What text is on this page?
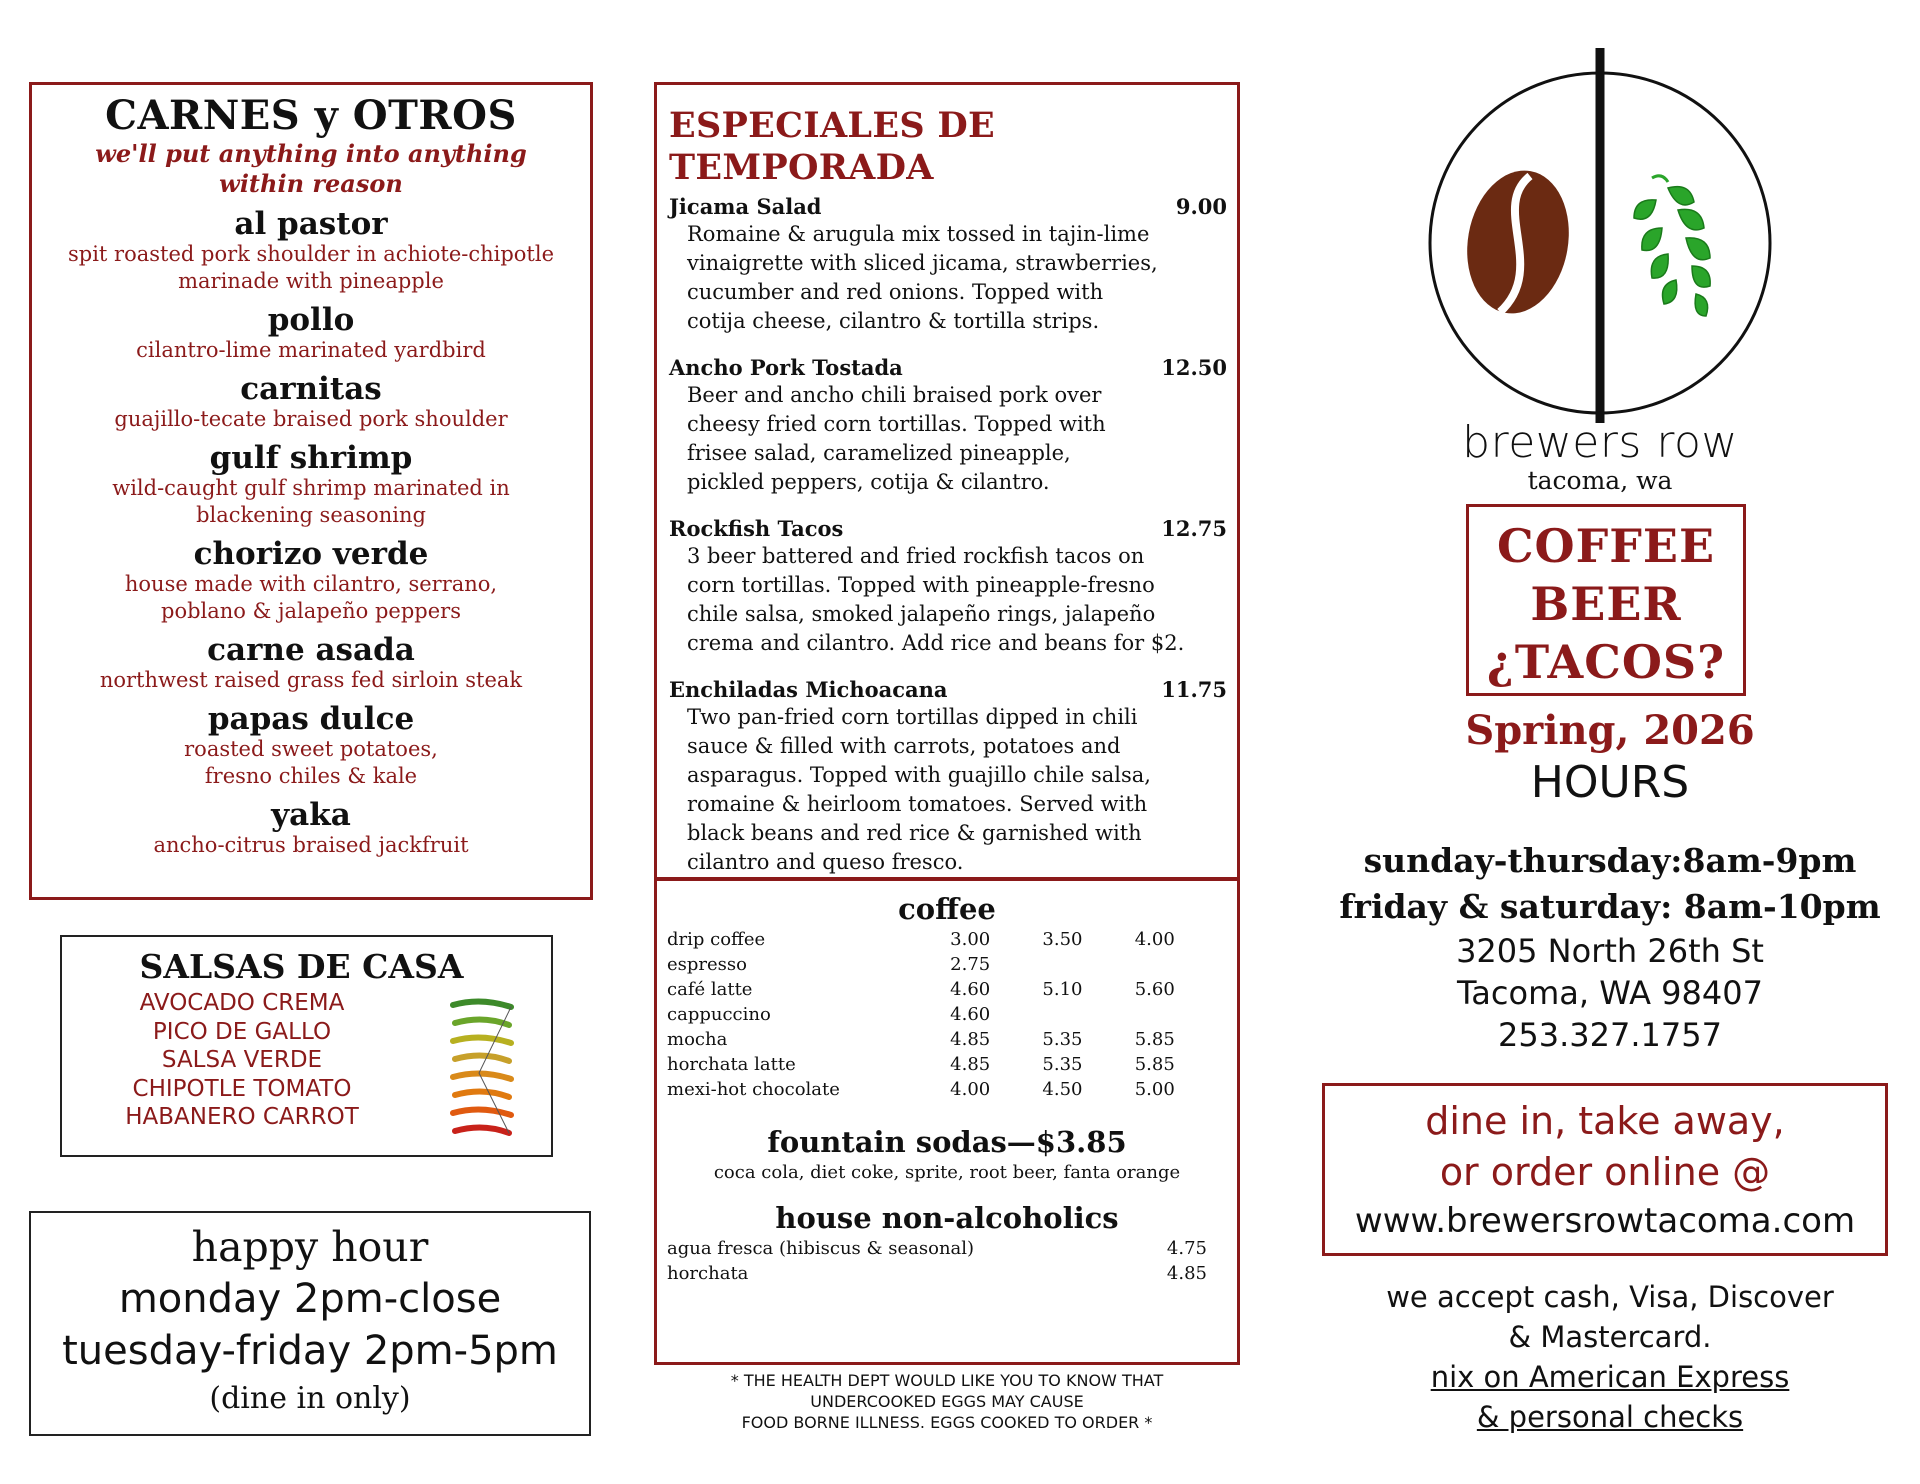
CARNES y OTROS
we'll put anything into anything
within reason
al pastor
spit roasted pork shoulder in achiote-chipotle
marinade with pineapple
pollo
cilantro-lime marinated yardbird
carnitas
guajillo-tecate braised pork shoulder
gulf shrimp
wild-caught gulf shrimp marinated in
blackening seasoning
chorizo verde
house made with cilantro, serrano,
poblano & jalapeño peppers
carne asada
northwest raised grass fed sirloin steak
papas dulce
roasted sweet potatoes,
fresno chiles & kale
yaka
ancho-citrus braised jackfruit
SALSAS DE CASA
AVOCADO CREMA
PICO DE GALLO
SALSA VERDE
CHIPOTLE TOMATO
HABANERO CARROT
happy hour
monday 2pm-close
tuesday-friday 2pm-5pm
(dine in only)
ESPECIALES DE TEMPORADA
Jicama Salad	9.00
Romaine & arugula mix tossed in tajin-lime
vinaigrette with sliced jicama, strawberries,
cucumber and red onions. Topped with
cotija cheese, cilantro & tortilla strips.
Ancho Pork Tostada	12.50
Beer and ancho chili braised pork over
cheesy fried corn tortillas. Topped with
frisee salad, caramelized pineapple,
pickled peppers, cotija & cilantro.
Rockfish Tacos	12.75
3 beer battered and fried rockfish tacos on
corn tortillas. Topped with pineapple-fresno
chile salsa, smoked jalapeño rings, jalapeño
crema and cilantro. Add rice and beans for $2.
Enchiladas Michoacana	11.75
Two pan-fried corn tortillas dipped in chili
sauce & filled with carrots, potatoes and
asparagus. Topped with guajillo chile salsa,
romaine & heirloom tomatoes. Served with
black beans and red rice & garnished with
cilantro and queso fresco.
coffee
drip coffee	3.00	3.50	4.00
espresso	2.75		
café latte	4.60	5.10	5.60
cappuccino	4.60		
mocha	4.85	5.35	5.85
horchata latte	4.85	5.35	5.85
mexi-hot chocolate	4.00	4.50	5.00
fountain sodas—$3.85
coca cola, diet coke, sprite, root beer, fanta orange
house non-alcoholics
agua fresca (hibiscus & seasonal)	4.75
horchata	4.85
* THE HEALTH DEPT WOULD LIKE YOU TO KNOW THAT
UNDERCOOKED EGGS MAY CAUSE
FOOD BORNE ILLNESS. EGGS COOKED TO ORDER *
brewers row
tacoma, wa
COFFEE
BEER
¿TACOS?
Spring, 2026
HOURS
sunday-thursday:8am-9pm
friday & saturday: 8am-10pm
3205 North 26th St
Tacoma, WA 98407
253.327.1757
dine in, take away,
or order online @
www.brewersrowtacoma.com
we accept cash, Visa, Discover
& Mastercard.
nix on American Express
& personal checks
